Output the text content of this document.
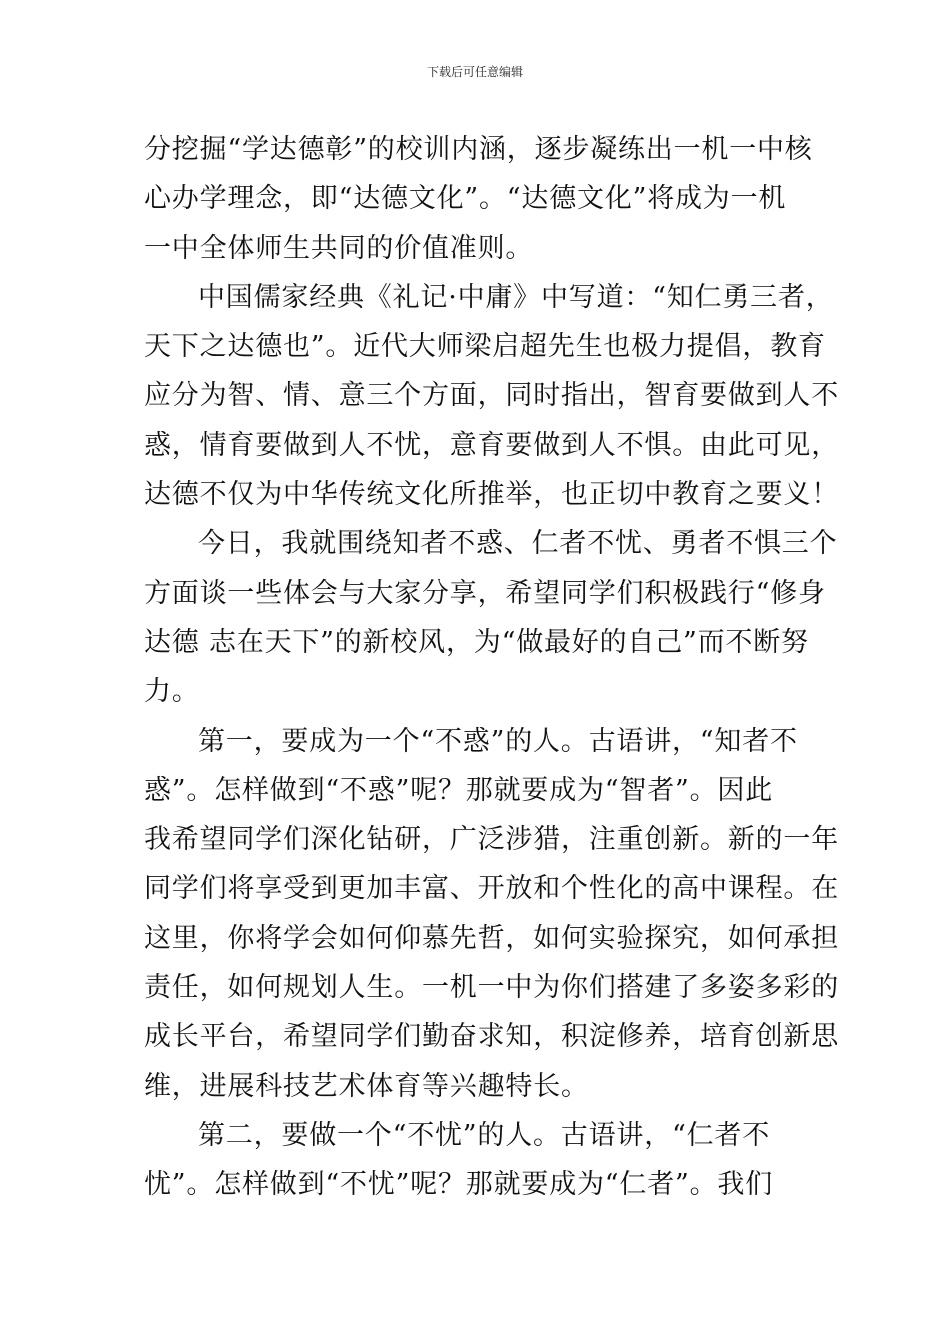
下载后可任意编辑
分挖掘“学达德彰”的校训内涵，逐步凝练出一机一中核
心办学理念，即“达德文化”。“达德文化”将成为一机
一中全体师生共同的价值准则。
中国儒家经典《礼记·中庸》中写道：“知仁勇三者，
天下之达德也”。近代大师梁启超先生也极力提倡，教育
应分为智、情、意三个方面，同时指出，智育要做到人不
惑，情育要做到人不忧，意育要做到人不惧。由此可见，
达德不仅为中华传统文化所推举，也正切中教育之要义！
今日，我就围绕知者不惑、仁者不忧、勇者不惧三个
方面谈一些体会与大家分享，希望同学们积极践行“修身
达德 志在天下”的新校风，为“做最好的自己”而不断努
力。
第一，要成为一个“不惑”的人。古语讲，“知者不
惑”。怎样做到“不惑”呢？那就要成为“智者”。因此
我希望同学们深化钻研，广泛涉猎，注重创新。新的一年
同学们将享受到更加丰富、开放和个性化的高中课程。在
这里，你将学会如何仰慕先哲，如何实验探究，如何承担
责任，如何规划人生。一机一中为你们搭建了多姿多彩的
成长平台，希望同学们勤奋求知，积淀修养，培育创新思
维，进展科技艺术体育等兴趣特长。
第二，要做一个“不忧”的人。古语讲，“仁者不
忧”。怎样做到“不忧”呢？那就要成为“仁者”。我们
